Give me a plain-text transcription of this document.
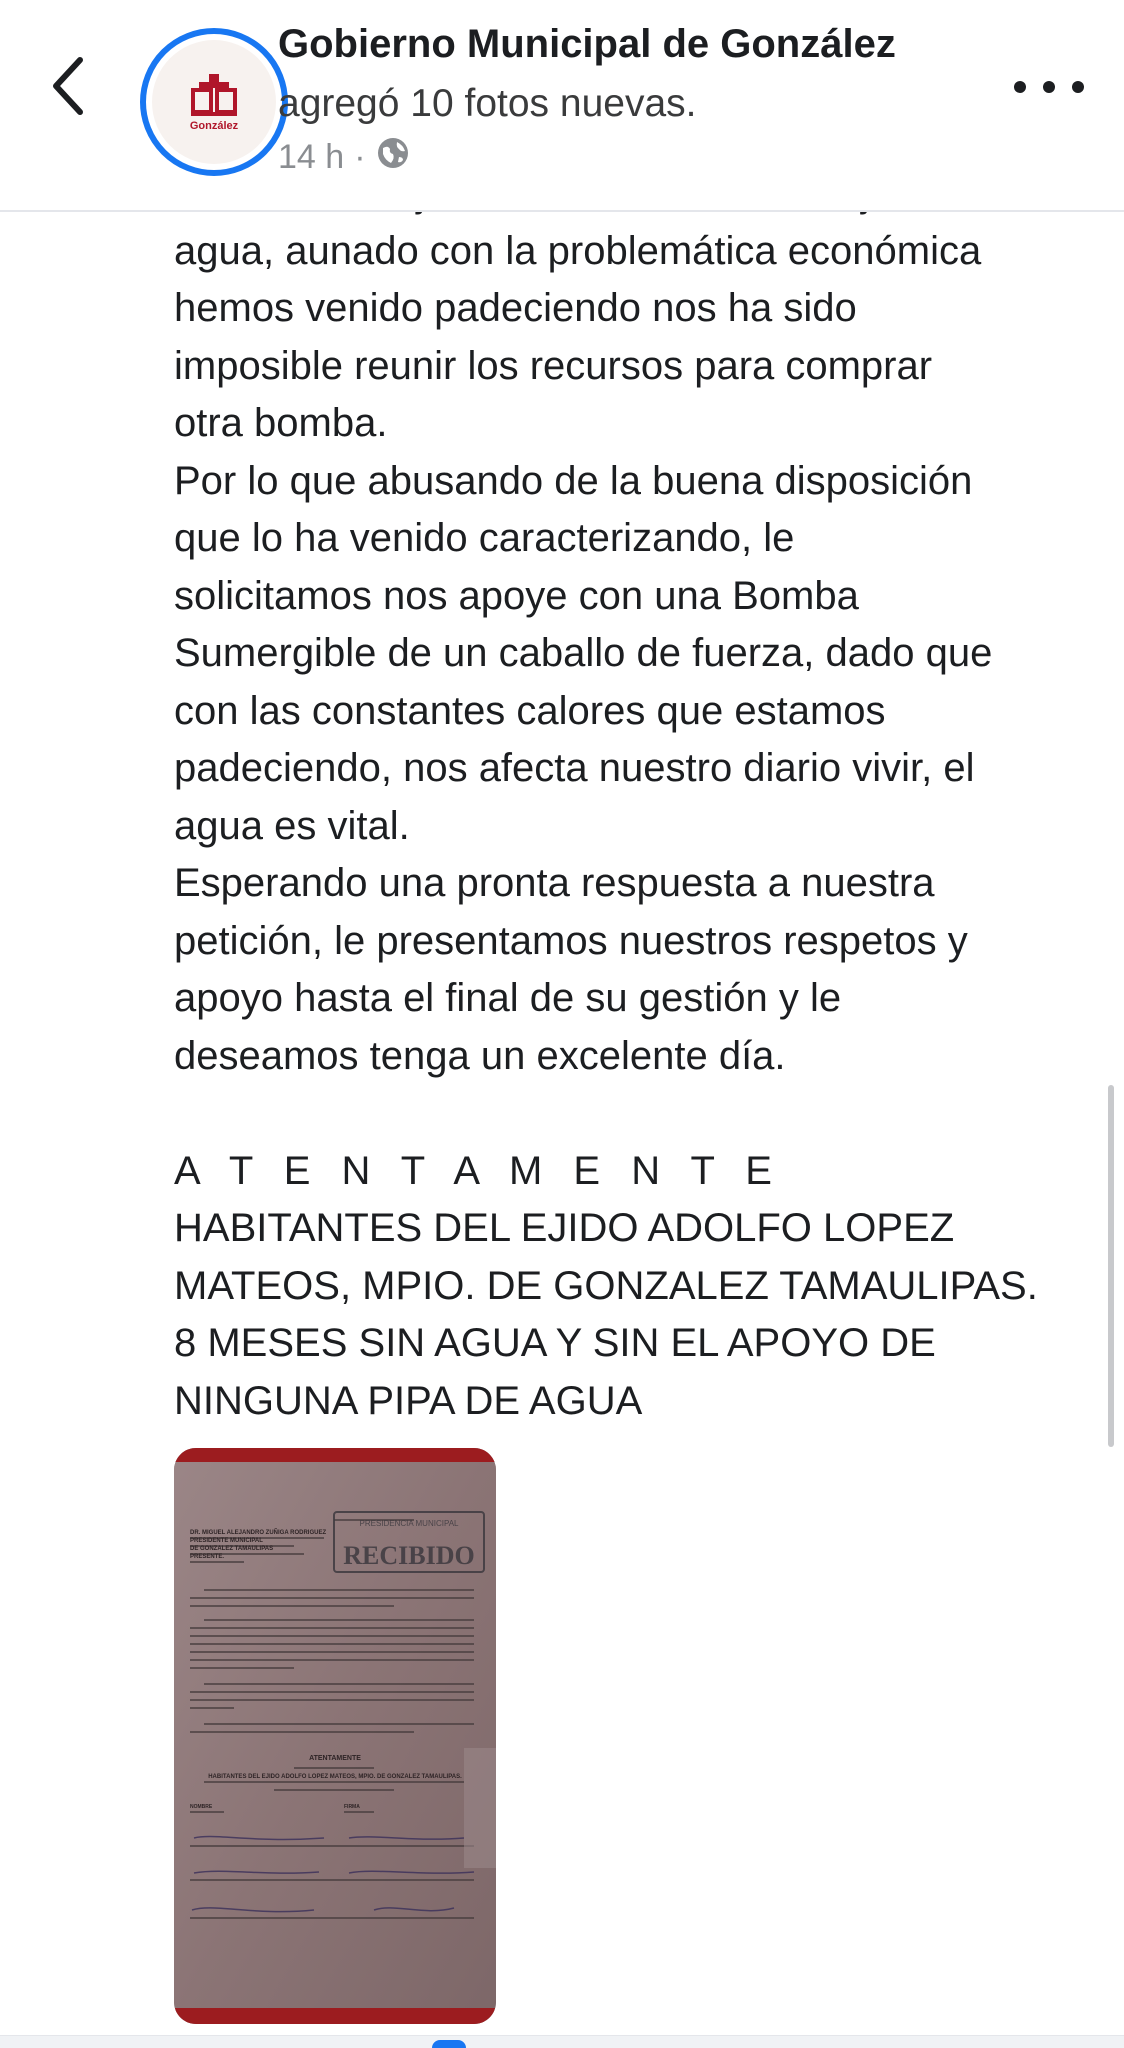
González
Gobierno Municipal de González
agregó 10 fotos nuevas.
14 h ·

agua, aunado con la problemática económica
hemos venido padeciendo nos ha sido
imposible reunir los recursos para comprar
otra bomba.

Por lo que abusando de la buena disposición
que lo ha venido caracterizando, le
solicitamos nos apoye con una Bomba
Sumergible de un caballo de fuerza, dado que
con las constantes calores que estamos
padeciendo, nos afecta nuestro diario vivir, el
agua es vital.

Esperando una pronta respuesta a nuestra
petición, le presentamos nuestros respetos y
apoyo hasta el final de su gestión y le
deseamos tenga un excelente día.

A T E N T A M E N T E

HABITANTES DEL EJIDO ADOLFO LOPEZ
MATEOS, MPIO. DE GONZALEZ TAMAULIPAS.
8 MESES SIN AGUA Y SIN EL APOYO DE
NINGUNA PIPA DE AGUA

RECIBIDO
PRESIDENCIA MUNICIPAL
DR. MIGUEL ALEJANDRO ZUÑIGA RODRIGUEZ
PRESIDENTE MUNICIPAL
DE GONZALEZ TAMAULIPAS
PRESENTE.
ATENTAMENTE
HABITANTES DEL EJIDO ADOLFO LOPEZ MATEOS, MPIO. DE GONZALEZ TAMAULIPAS.
NOMBRE	FIRMA
